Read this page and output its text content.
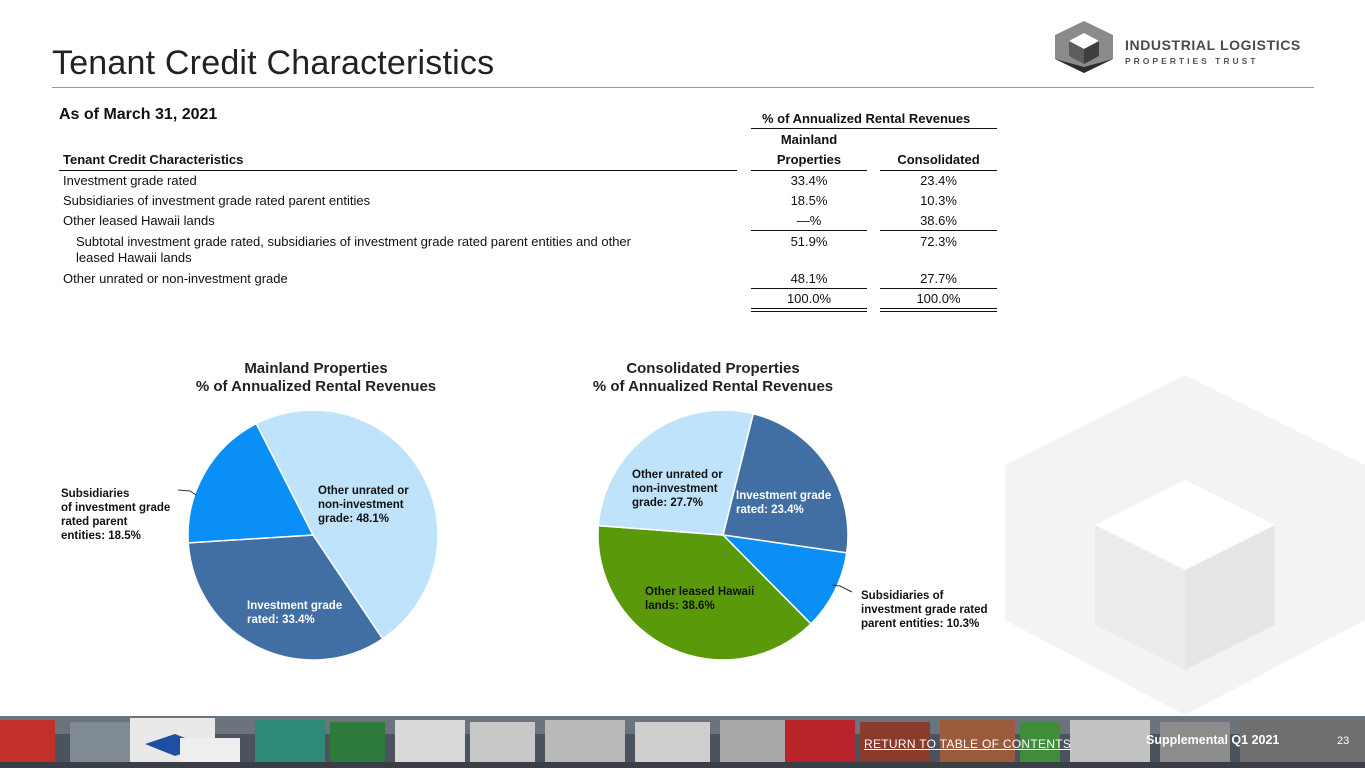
Tenant Credit Characteristics	INDUSTRIAL LOGISTICS
PROPERTIES TRUST
As of March 31, 2021	% of Annualized Rental Revenues
Mainland
Tenant Credit Characteristics	Properties	Consolidated
Investment grade rated	33.4%	23.4%
Subsidiaries of investment grade rated parent entities	18.5%	10.3%
Other leased Hawaii lands	—%	38.6%
Subtotal investment grade rated, subsidiaries of investment grade rated parent entities and other
leased Hawaii lands
51.9%	72.3%
Other unrated or non-investment grade	48.1%	27.7%
100.0%	100.0%
Mainland Properties
% of Annualized Rental Revenues
Other unrated or
non-investment
grade: 48.1%
Investment grade
rated: 33.4%
Subsidiaries
of investment grade
rated parent
entities: 18.5%
Consolidated Properties
% of Annualized Rental Revenues
Investment grade
rated: 23.4%
Subsidiaries of
investment grade rated
parent entities: 10.3%
Other leased Hawaii
lands: 38.6%
Other unrated or
non-investment
grade: 27.7%
RETURN TO TABLE OF CONTENTS	Supplemental Q1 2021	23
